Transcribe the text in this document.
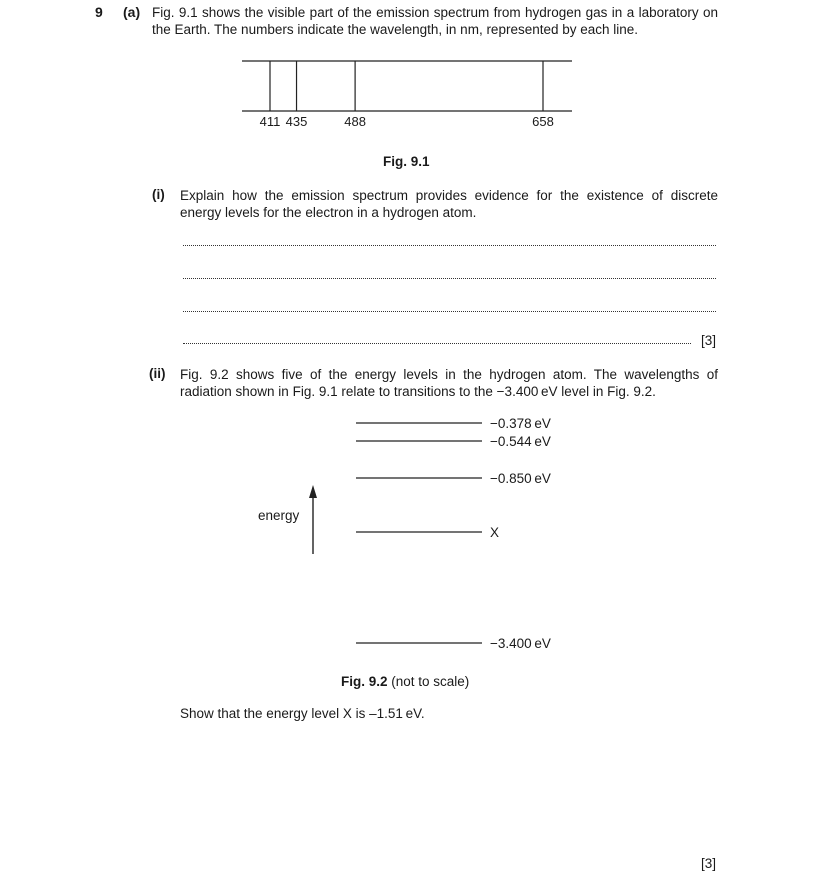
9 (a) Fig. 9.1 shows the visible part of the emission spectrum from hydrogen gas in a laboratory on the Earth. The numbers indicate the wavelength, in nm, represented by each line.
411 435	488	658
Fig. 9.1
(i) Explain how the emission spectrum provides evidence for the existence of discrete energy levels for the electron in a hydrogen atom.
[3]
(ii) Fig. 9.2 shows five of the energy levels in the hydrogen atom. The wavelengths of radiation shown in Fig. 9.1 relate to transitions to the −3.400 eV level in Fig. 9.2.
−0.378 eV
−0.544 eV
−0.850 eV
X
−3.400 eV
energy
Fig. 9.2 (not to scale)
Show that the energy level X is –1.51 eV.
[3]
